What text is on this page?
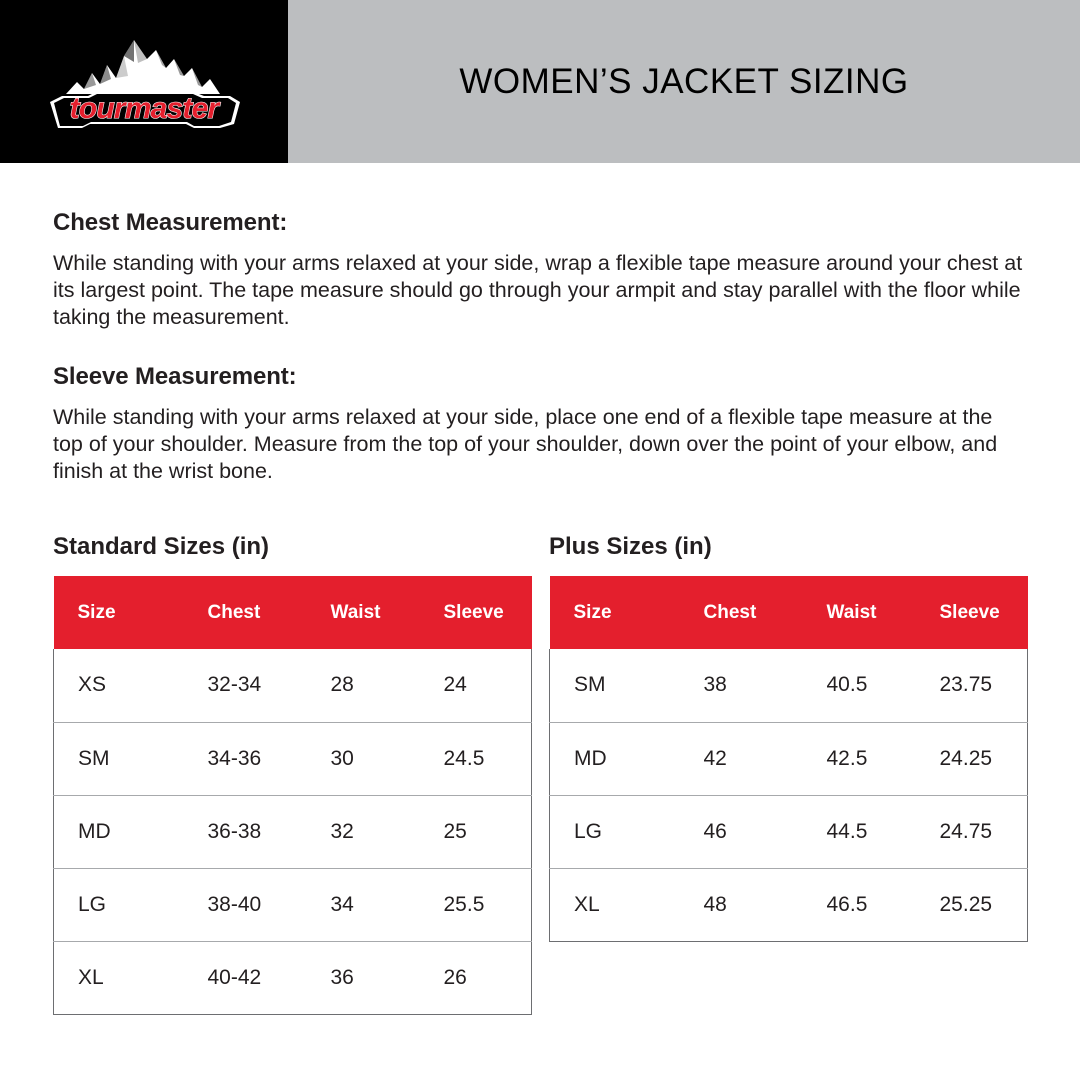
tourmaster
WOMEN’S JACKET SIZING
Chest Measurement:
While standing with your arms relaxed at your side, wrap a flexible tape measure around your chest at its largest point. The tape measure should go through your armpit and stay parallel with the floor while taking the measurement.
Sleeve Measurement:
While standing with your arms relaxed at your side, place one end of a flexible tape measure at the top of your shoulder. Measure from the top of your shoulder, down over the point of your elbow, and finish at the wrist bone.
Standard Sizes (in)
Size	Chest	Waist	Sleeve
XS	32-34	28	24
SM	34-36	30	24.5
MD	36-38	32	25
LG	38-40	34	25.5
XL	40-42	36	26
Plus Sizes (in)
Size	Chest	Waist	Sleeve
SM	38	40.5	23.75
MD	42	42.5	24.25
LG	46	44.5	24.75
XL	48	46.5	25.25
